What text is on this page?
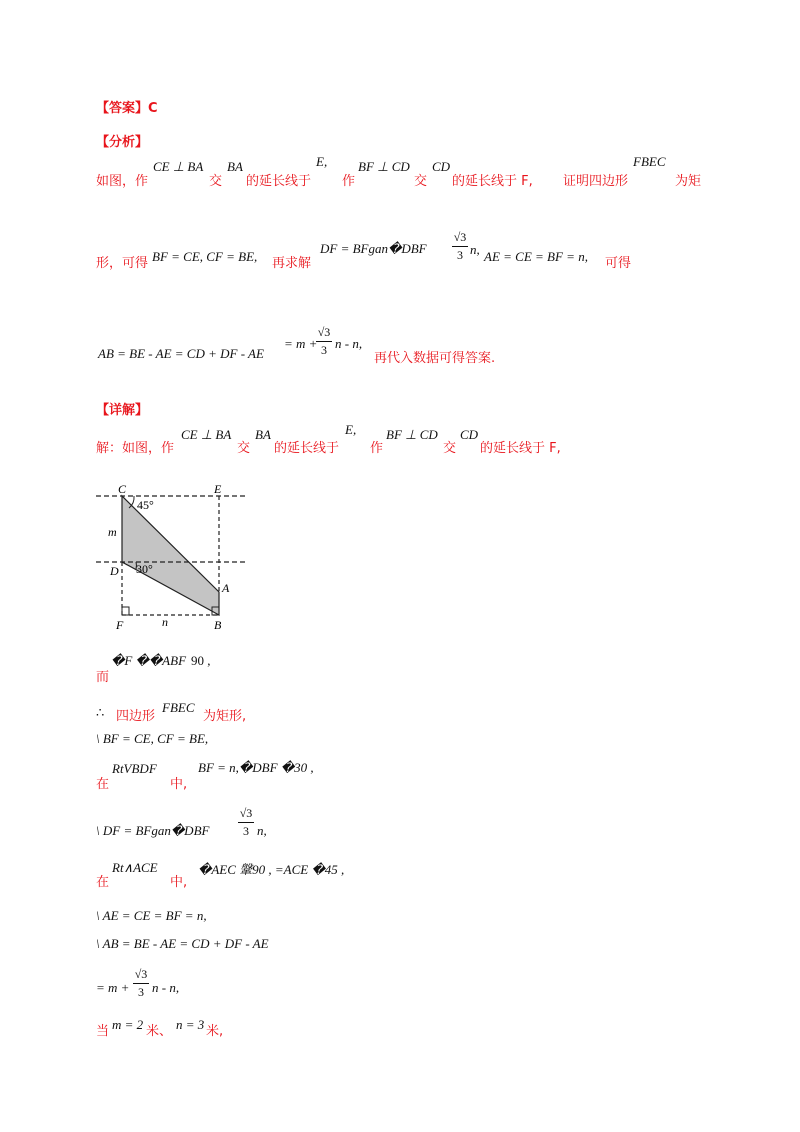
【答案】C
【分析】
如图，作
CE ⊥ BA
交
BA
的延长线于
E,
作
BF ⊥ CD
交
CD
的延长线于 F, 证明四边形
FBEC
为矩
形，可得 BF = CE, CF = BE, 再求解
DF = BFgan�DBF
√3
3 n, AE = CE = BF = n, 可得
AB = BE - AE = CD + DF - AE
= m +
√3
3 n - n,
再代入数据可得答案.
【详解】
解：如图，作
CE ⊥ BA
交
BA
的延长线于
E,
作
BF ⊥ CD
交
CD
的延长线于 F,
C	E
45°
m
D 30°
A
F	n	B
而
�F ��ABF 90 ,
∴ 四边形
FBEC
为矩形,
\ BF = CE, CF = BE,
在
RtVBDF
中,
BF = n,�DBF �30 ,
\ DF = BFgan�DBF
√3
3 n,
在
Rt∧ACE
中,
�AEC 鞶90 , =ACE �45 ,
\ AE = CE = BF = n,
\ AB = BE - AE = CD + DF - AE
= m +
√3
3 n - n,
当 m = 2 米、 n = 3 米,
